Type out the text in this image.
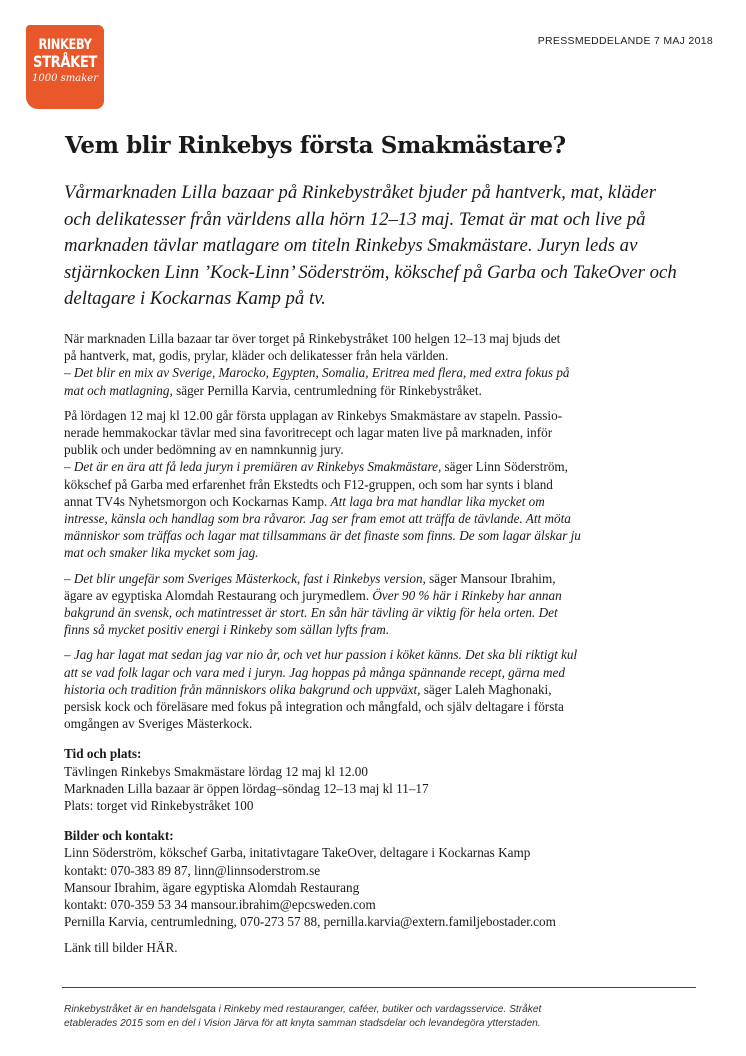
RINKEBY
STRÅKET
1000 smaker
PRESSMEDDELANDE 7 MAJ 2018
Vem blir Rinkebys första Smakmästare?

Vårmarknaden Lilla bazaar på Rinkebystråket bjuder på hantverk, mat, kläder och delikatesser från världens alla hörn 12–13 maj. Temat är mat och live på marknaden tävlar matlagare om titeln Rinkebys Smakmästare. Juryn leds av stjärnkocken Linn ’Kock-Linn’ Söderström, kökschef på Garba och TakeOver och deltagare i Kockarnas Kamp på tv.

När marknaden Lilla bazaar tar över torget på Rinkebystråket 100 helgen 12–13 maj bjuds det
på hantverk, mat, godis, prylar, kläder och delikatesser från hela världen.
– Det blir en mix av Sverige, Marocko, Egypten, Somalia, Eritrea med flera, med extra fokus på
mat och matlagning, säger Pernilla Karvia, centrumledning för Rinkebystråket.

På lördagen 12 maj kl 12.00 går första upplagan av Rinkebys Smakmästare av stapeln. Passio-
nerade hemmakockar tävlar med sina favoritrecept och lagar maten live på marknaden, inför
publik och under bedömning av en namnkunnig jury.
– Det är en ära att få leda juryn i premiären av Rinkebys Smakmästare, säger Linn Söderström,
kökschef på Garba med erfarenhet från Ekstedts och F12-gruppen, och som har synts i bland
annat TV4s Nyhetsmorgon och Kockarnas Kamp. Att laga bra mat handlar lika mycket om
intresse, känsla och handlag som bra råvaror. Jag ser fram emot att träffa de tävlande. Att möta
människor som träffas och lagar mat tillsammans är det finaste som finns. De som lagar älskar ju
mat och smaker lika mycket som jag.

– Det blir ungefär som Sveriges Mästerkock, fast i Rinkebys version, säger Mansour Ibrahim,
ägare av egyptiska Alomdah Restaurang och jurymedlem. Över 90 % här i Rinkeby har annan
bakgrund än svensk, och matintresset är stort. En sån här tävling är viktig för hela orten. Det
finns så mycket positiv energi i Rinkeby som sällan lyfts fram.

– Jag har lagat mat sedan jag var nio år, och vet hur passion i köket känns. Det ska bli riktigt kul
att se vad folk lagar och vara med i juryn. Jag hoppas på många spännande recept, gärna med
historia och tradition från människors olika bakgrund och uppväxt, säger Laleh Maghonaki,
persisk kock och föreläsare med fokus på integration och mångfald, och själv deltagare i första
omgången av Sveriges Mästerkock.

Tid och plats:
Tävlingen Rinkebys Smakmästare lördag 12 maj kl 12.00
Marknaden Lilla bazaar är öppen lördag–söndag 12–13 maj kl 11–17
Plats: torget vid Rinkebystråket 100

Bilder och kontakt:
Linn Söderström, kökschef Garba, initativtagare TakeOver, deltagare i Kockarnas Kamp
kontakt: 070-383 89 87, linn@linnsoderstrom.se
Mansour Ibrahim, ägare egyptiska Alomdah Restaurang
kontakt: 070-359 53 34 mansour.ibrahim@epcsweden.com
Pernilla Karvia, centrumledning, 070-273 57 88, pernilla.karvia@extern.familjebostader.com

Länk till bilder HÄR.

Rinkebystråket är en handelsgata i Rinkeby med restauranger, caféer, butiker och vardagsservice. Stråket
etablerades 2015 som en del i Vision Järva för att knyta samman stadsdelar och levandegöra ytterstaden.
